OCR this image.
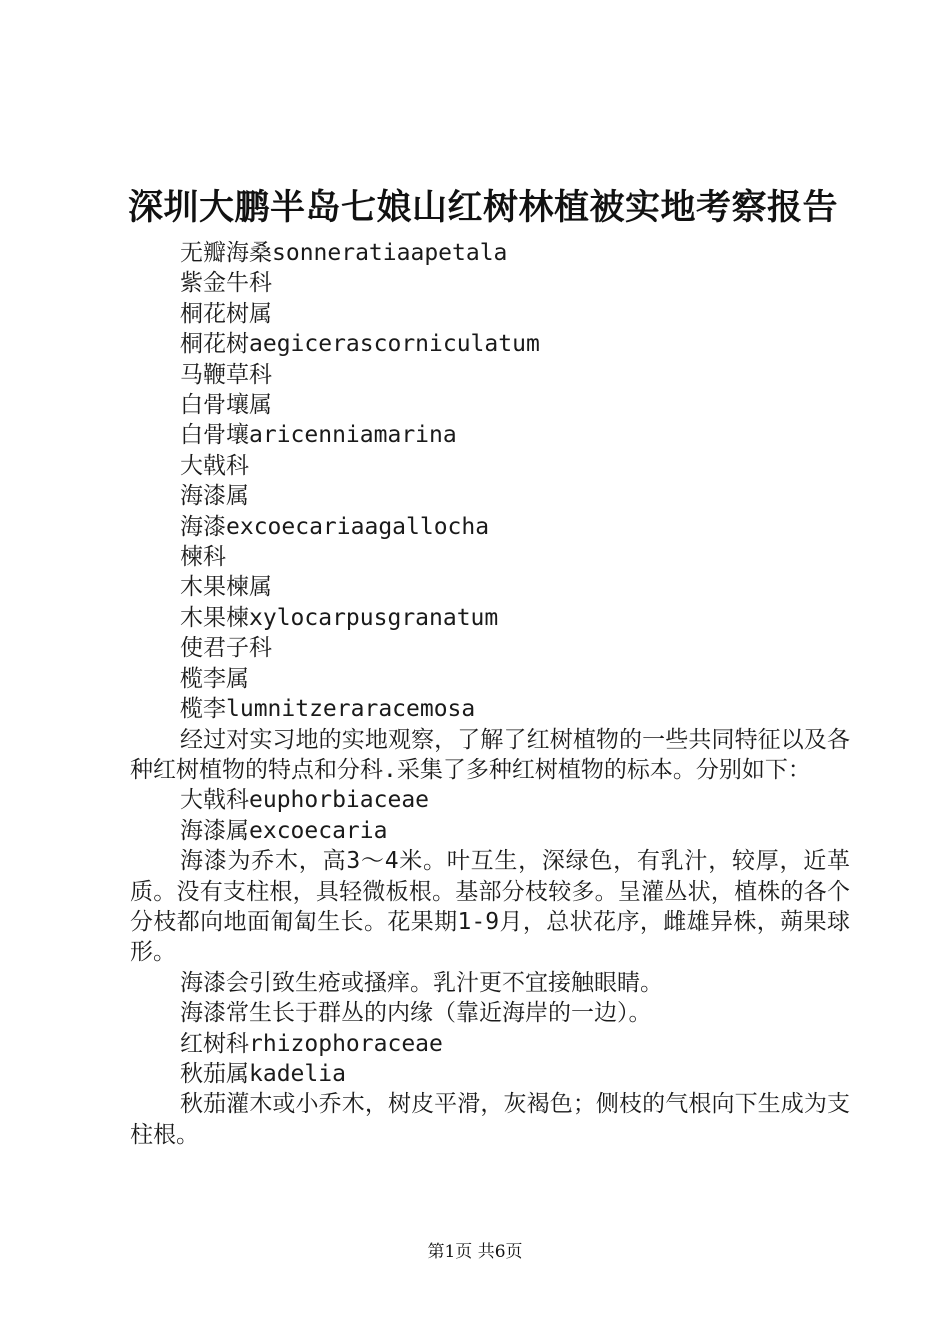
深圳大鹏半岛七娘山红树林植被实地考察报告
无瓣海桑sonneratiaapetala
紫金牛科
桐花树属
桐花树aegicerascorniculatum
马鞭草科
白骨壤属
白骨壤aricenniamarina
大戟科
海漆属
海漆excoecariaagallocha
楝科
木果楝属
木果楝xylocarpusgranatum
使君子科
榄李属
榄李lumnitzeraracemosa

经过对实习地的实地观察，了解了红树植物的一些共同特征以及各种红树植物的特点和分科.采集了多种红树植物的标本。分别如下：

大戟科euphorbiaceae
海漆属excoecaria

海漆为乔木，高3～4米。叶互生，深绿色，有乳汁，较厚，近革质。没有支柱根，具轻微板根。基部分枝较多。呈灌丛状，植株的各个分枝都向地面匍匐生长。花果期1-9月，总状花序，雌雄异株，蒴果球形。

海漆会引致生疮或搔痒。乳汁更不宜接触眼睛。

海漆常生长于群丛的内缘（靠近海岸的一边）。

红树科rhizophoraceae
秋茄属kadelia

秋茄灌木或小乔木，树皮平滑，灰褐色；侧枝的气根向下生成为支柱根。

第1页 共6页
